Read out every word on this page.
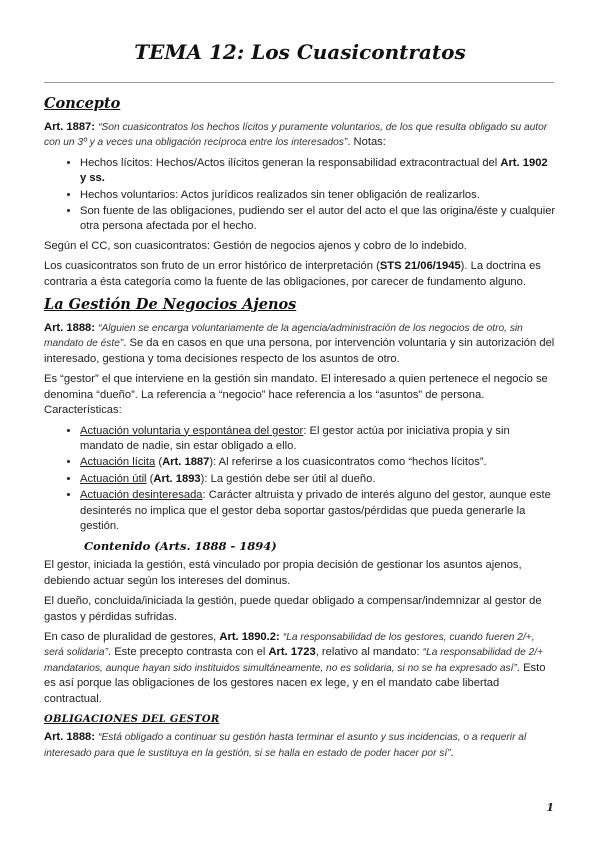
TEMA 12: Los Cuasicontratos
Concepto

Art. 1887: “Son cuasicontratos los hechos lícitos y puramente voluntarios, de los que resulta obligado su autor con un 3º y a veces una obligación recíproca entre los interesados”. Notas:

• Hechos lícitos: Hechos/Actos ilícitos generan la responsabilidad extracontractual del Art. 1902 y ss.
• Hechos voluntarios: Actos jurídicos realizados sin tener obligación de realizarlos.
• Son fuente de las obligaciones, pudiendo ser el autor del acto el que las origina/éste y cualquier otra persona afectada por el hecho.

Según el CC, son cuasicontratos: Gestión de negocios ajenos y cobro de lo indebido.

Los cuasicontratos son fruto de un error histórico de interpretación (STS 21/06/1945). La doctrina es contraria a ésta categoría como la fuente de las obligaciones, por carecer de fundamento alguno.

La Gestión De Negocios Ajenos

Art. 1888: “Alguien se encarga voluntariamente de la agencia/administración de los negocios de otro, sin mandato de éste”. Se da en casos en que una persona, por intervención voluntaria y sin autorización del interesado, gestiona y toma decisiones respecto de los asuntos de otro.

Es “gestor” el que interviene en la gestión sin mandato. El interesado a quien pertenece el negocio se denomina “dueño”. La referencia a “negocio” hace referencia a los “asuntos” de persona. Características:

• Actuación voluntaria y espontánea del gestor: El gestor actúa por iniciativa propia y sin mandato de nadie, sin estar obligado a ello.
• Actuación lícita (Art. 1887): Al referirse a los cuasicontratos como “hechos lícitos”.
• Actuación útil (Art. 1893): La gestión debe ser útil al dueño.
• Actuación desinteresada: Carácter altruista y privado de interés alguno del gestor, aunque este desinterés no implica que el gestor deba soportar gastos/pérdidas que pueda generarle la gestión.
Contenido (Arts. 1888 - 1894)

El gestor, iniciada la gestión, está vinculado por propia decisión de gestionar los asuntos ajenos, debiendo actuar según los intereses del dominus.

El dueño, concluida/iniciada la gestión, puede quedar obligado a compensar/indemnizar al gestor de gastos y pérdidas sufridas.

En caso de pluralidad de gestores, Art. 1890.2: “La responsabilidad de los gestores, cuando fueren 2/+, será solidaria”. Este precepto contrasta con el Art. 1723, relativo al mandato: “La responsabilidad de 2/+ mandatarios, aunque hayan sido instituidos simultáneamente, no es solidaria, si no se ha expresado así”. Esto es así porque las obligaciones de los gestores nacen ex lege, y en el mandato cabe libertad contractual.

OBLIGACIONES DEL GESTOR

Art. 1888: “Está obligado a continuar su gestión hasta terminar el asunto y sus incidencias, o a requerir al interesado para que le sustituya en la gestión, si se halla en estado de poder hacer por sí”.

1
